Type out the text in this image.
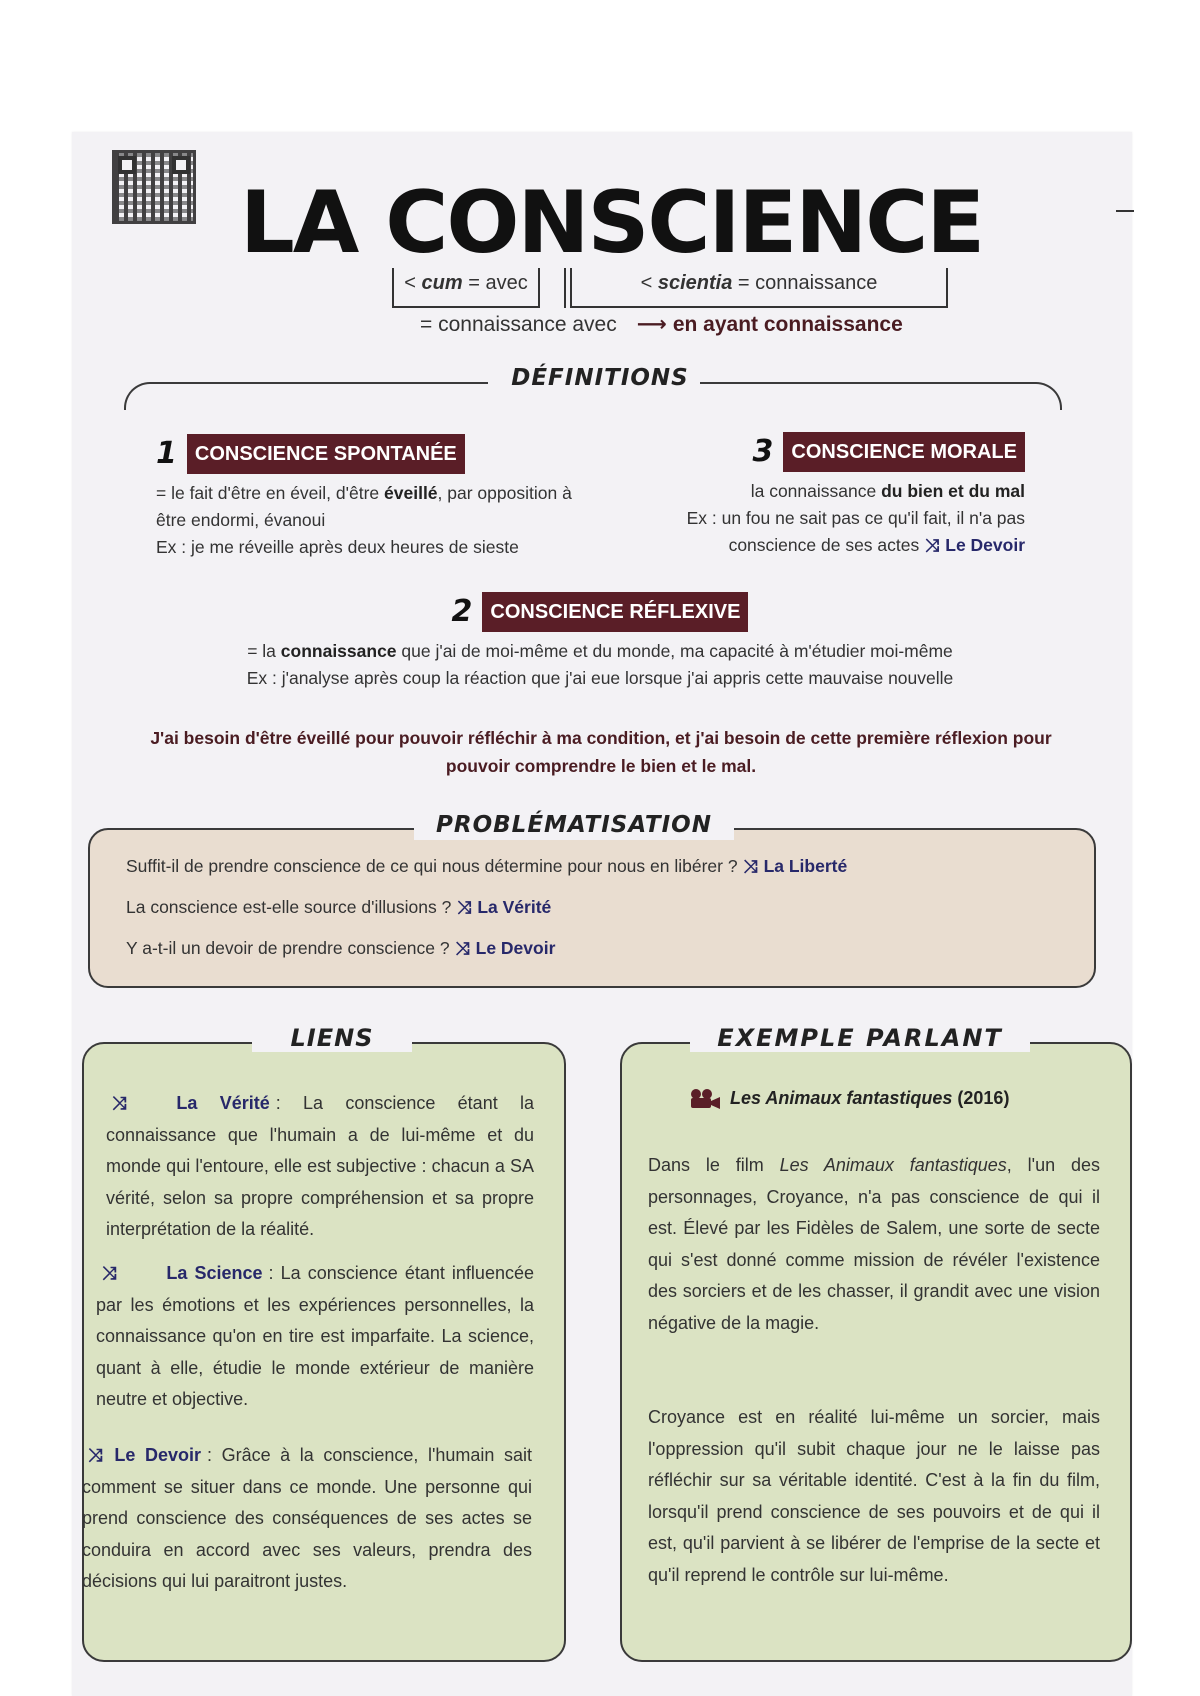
LA CONSCIENCE
< cum = avec	< scientia = connaissance
= connaissance avec ⟶ en ayant connaissance
DÉFINITIONS
1 CONSCIENCE SPONTANÉE
= le fait d'être en éveil, d'être éveillé, par opposition à être endormi, évanoui
Ex : je me réveille après deux heures de sieste
3 CONSCIENCE MORALE
la connaissance du bien et du mal
Ex : un fou ne sait pas ce qu'il fait, il n'a pas
conscience de ses actes ⤨ Le Devoir
2 CONSCIENCE RÉFLEXIVE
= la connaissance que j'ai de moi-même et du monde, ma capacité à m'étudier moi-même
Ex : j'analyse après coup la réaction que j'ai eue lorsque j'ai appris cette mauvaise nouvelle
J'ai besoin d'être éveillé pour pouvoir réfléchir à ma condition, et j'ai besoin de cette première réflexion pour pouvoir comprendre le bien et le mal.
PROBLÉMATISATION
Suffit-il de prendre conscience de ce qui nous détermine pour nous en libérer ? ⤨ La Liberté
La conscience est-elle source d'illusions ? ⤨ La Vérité
Y a-t-il un devoir de prendre conscience ? ⤨ Le Devoir
LIENS
⤨	La Vérité : La conscience étant la connaissance que l'humain a de lui-même et du monde qui l'entoure, elle est subjective : chacun a SA vérité, selon sa propre compréhension et sa propre interprétation de la réalité.
⤨	La Science : La conscience étant influencée par les émotions et les expériences personnelles, la connaissance qu'on en tire est imparfaite. La science, quant à elle, étudie le monde extérieur de manière neutre et objective.
⤨ Le Devoir : Grâce à la conscience, l'humain sait comment se situer dans ce monde. Une personne qui prend conscience des conséquences de ses actes se conduira en accord avec ses valeurs, prendra des décisions qui lui paraitront justes.
EXEMPLE PARLANT
Les Animaux fantastiques (2016)
Dans le film Les Animaux fantastiques, l'un des personnages, Croyance, n'a pas conscience de qui il est. Élevé par les Fidèles de Salem, une sorte de secte qui s'est donné comme mission de révéler l'existence des sorciers et de les chasser, il grandit avec une vision négative de la magie.
Croyance est en réalité lui-même un sorcier, mais l'oppression qu'il subit chaque jour ne le laisse pas réfléchir sur sa véritable identité. C'est à la fin du film, lorsqu'il prend conscience de ses pouvoirs et de qui il est, qu'il parvient à se libérer de l'emprise de la secte et qu'il reprend le contrôle sur lui-même.
